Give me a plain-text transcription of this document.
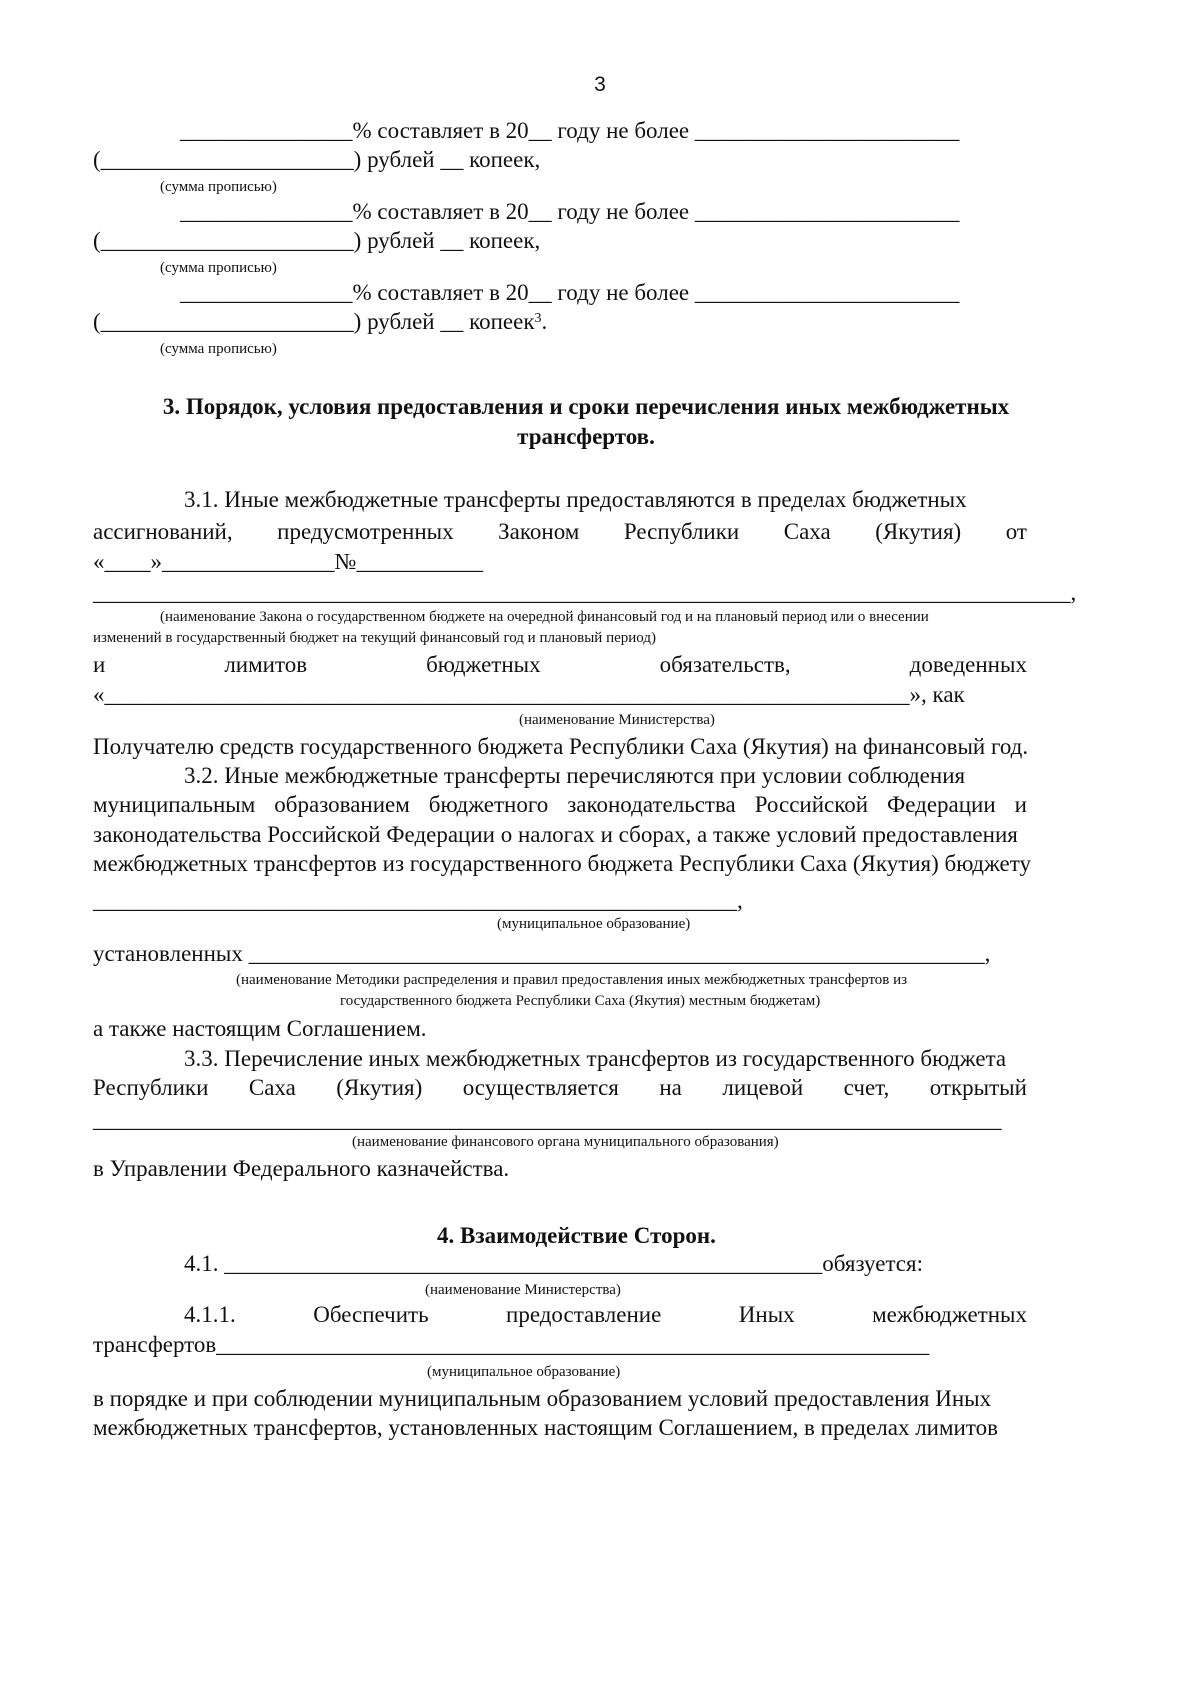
3
_______________% составляет в 20__ году не более _______________________
(______________________) рублей __ копеек,
(сумма прописью)
_______________% составляет в 20__ году не более _______________________
(______________________) рублей __ копеек,
(сумма прописью)
_______________% составляет в 20__ году не более _______________________
(______________________) рублей __ копеек$^3$.
(сумма прописью)
3. Порядок, условия предоставления и сроки перечисления иных межбюджетных
трансфертов.
3.1. Иные межбюджетные трансферты предоставляются в пределах бюджетных
ассигнований, предусмотренных Законом Республики Саха (Якутия) от
«____»_______________№___________
_____________________________________________________________________________________,
(наименование Закона о государственном бюджете на очередной финансовый год и на плановый период или о внесении
изменений в государственный бюджет на текущий финансовый год и плановый период)
и	лимитов	бюджетных	обязательств,	доведенных
«______________________________________________________________________», как
(наименование Министерства)
Получателю средств государственного бюджета Республики Саха (Якутия) на финансовый год.
3.2. Иные межбюджетные трансферты перечисляются при условии соблюдения
муниципальным образованием бюджетного законодательства Российской Федерации и
законодательства Российской Федерации о налогах и сборах, а также условий предоставления
межбюджетных трансфертов из государственного бюджета Республики Саха (Якутия) бюджету
________________________________________________________,
(муниципальное образование)
установленных ________________________________________________________________,
(наименование Методики распределения и правил предоставления иных межбюджетных трансфертов из
государственного бюджета Республики Саха (Якутия) местным бюджетам)
а также настоящим Соглашением.
3.3. Перечисление иных межбюджетных трансфертов из государственного бюджета
Республики Саха (Якутия) осуществляется на лицевой счет, открытый
_______________________________________________________________________________
(наименование финансового органа муниципального образования)
в Управлении Федерального казначейства.
4. Взаимодействие Сторон.
4.1. ____________________________________________________обязуется:
(наименование Министерства)
4.1.1.	Обеспечить	предоставление	Иных	межбюджетных
трансфертов______________________________________________________________
(муниципальное образование)
в порядке и при соблюдении муниципальным образованием условий предоставления Иных
межбюджетных трансфертов, установленных настоящим Соглашением, в пределах лимитов
